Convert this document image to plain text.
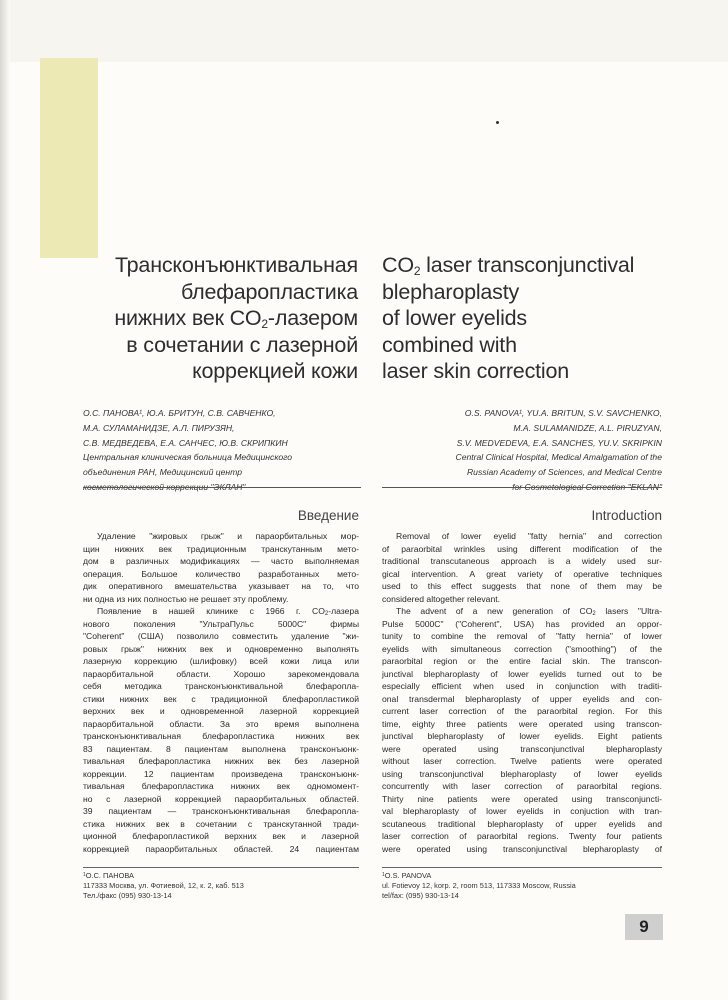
Трансконъюнктивальная
блефаропластика
нижних век $CO_2$-лазером
в сочетании с лазерной
коррекцией кожи
$CO_2$ laser transconjunctival
blepharoplasty
of lower eyelids
combined with
laser skin correction
О.С. ПАНОВА¹, Ю.А. БРИТУН, С.В. САВЧЕНКО,
М.А. СУЛАМАНИДЗЕ, А.Л. ПИРУЗЯН,
С.В. МЕДВЕДЕВА, Е.А. САНЧЕС, Ю.В. СКРИПКИН
Центральная клиническая больница Медицинского
объединения РАН, Медицинский центр
косметологической коррекции "ЭКЛАН"
O.S. PANOVA¹, YU.A. BRITUN, S.V. SAVCHENKO,
M.A. SULAMANIDZE, A.L. PIRUZYAN,
S.V. MEDVEDEVA, E.A. SANCHES, YU.V. SKRIPKIN
Central Clinical Hospital, Medical Amalgamation of the
Russian Academy of Sciences, and Medical Centre
for Cosmetological Correction "EKLAN"
Введение	Introduction
Удаление "жировых грыж" и параорбитальных мор-
щин нижних век традиционным транскутанным мето-
дом в различных модификациях — часто выполняемая
операция. Большое количество разработанных мето-
дик оперативного вмешательства указывает на то, что
ни одна из них полностью не решает эту проблему.
Появление в нашей клинике с 1966 г. $CO_2$-лазера
нового поколения "УльтраПульс 5000С" фирмы
"Coherent" (США) позволило совместить удаление "жи-
ровых грыж" нижних век и одновременно выполнять
лазерную коррекцию (шлифовку) всей кожи лица или
параорбитальной области. Хорошо зарекомендовала
себя методика трансконъюнктивальной блефаропла-
стики нижних век с традиционной блефаропластикой
верхних век и одновременной лазерной коррекцией
параорбитальной области. За это время выполнена
трансконъюнктивальная блефаропластика нижних век
83 пациентам. 8 пациентам выполнена трансконъюнк-
тивальная блефаропластика нижних век без лазерной
коррекции. 12 пациентам произведена трансконъюнк-
тивальная блефаропластика нижних век одномомент-
но с лазерной коррекцией параорбитальных областей.
39 пациентам — трансконъюнктивальная блефаропла-
стика нижних век в сочетании с транскутанной тради-
ционной блефаропластикой верхних век и лазерной
коррекцией параорбитальных областей. 24 пациентам
Removal of lower eyelid "fatty hernia" and correction
of paraorbital wrinkles using different modification of the
traditional transcutaneous approach is a widely used sur-
gical intervention. A great variety of operative techniques
used to this effect suggests that none of them may be
considered altogether relevant.
The advent of a new generation of $CO_2$ lasers "Ultra-
Pulse 5000C" ("Coherent", USA) has provided an oppor-
tunity to combine the removal of "fatty hernia" of lower
eyelids with simultaneous correction ("smoothing") of the
paraorbital region or the entire facial skin. The transcon-
junctival blepharoplasty of lower eyelids turned out to be
especially efficient when used in conjunction with traditi-
onal transdermal blepharoplasty of upper eyelids and con-
current laser correction of the paraorbital region. For this
time, eighty three patients were operated using transcon-
junctival blepharoplasty of lower eyelids. Eight patients
were operated using transconjunctival blepharoplasty
without laser correction. Twelve patients were operated
using transconjunctival blepharoplasty of lower eyelids
concurrently with laser correction of paraorbital regions.
Thirty nine patients were operated using transconjuncti-
val blepharoplasty of lower eyelids in conjuction with tran-
scutaneous traditional blepharoplasty of upper eyelids and
laser correction of paraorbital regions. Twenty four patients
were operated using transconjunctival blepharoplasty of
$^1$О.С. ПАНОВА
117333 Москва, ул. Фотиевой, 12, к. 2, каб. 513
Тел./факс (095) 930-13-14
$^1$O.S. PANOVA
ul. Fotievoy 12, korp. 2, room 513, 117333 Moscow, Russia
tel/fax: (095) 930-13-14
9
